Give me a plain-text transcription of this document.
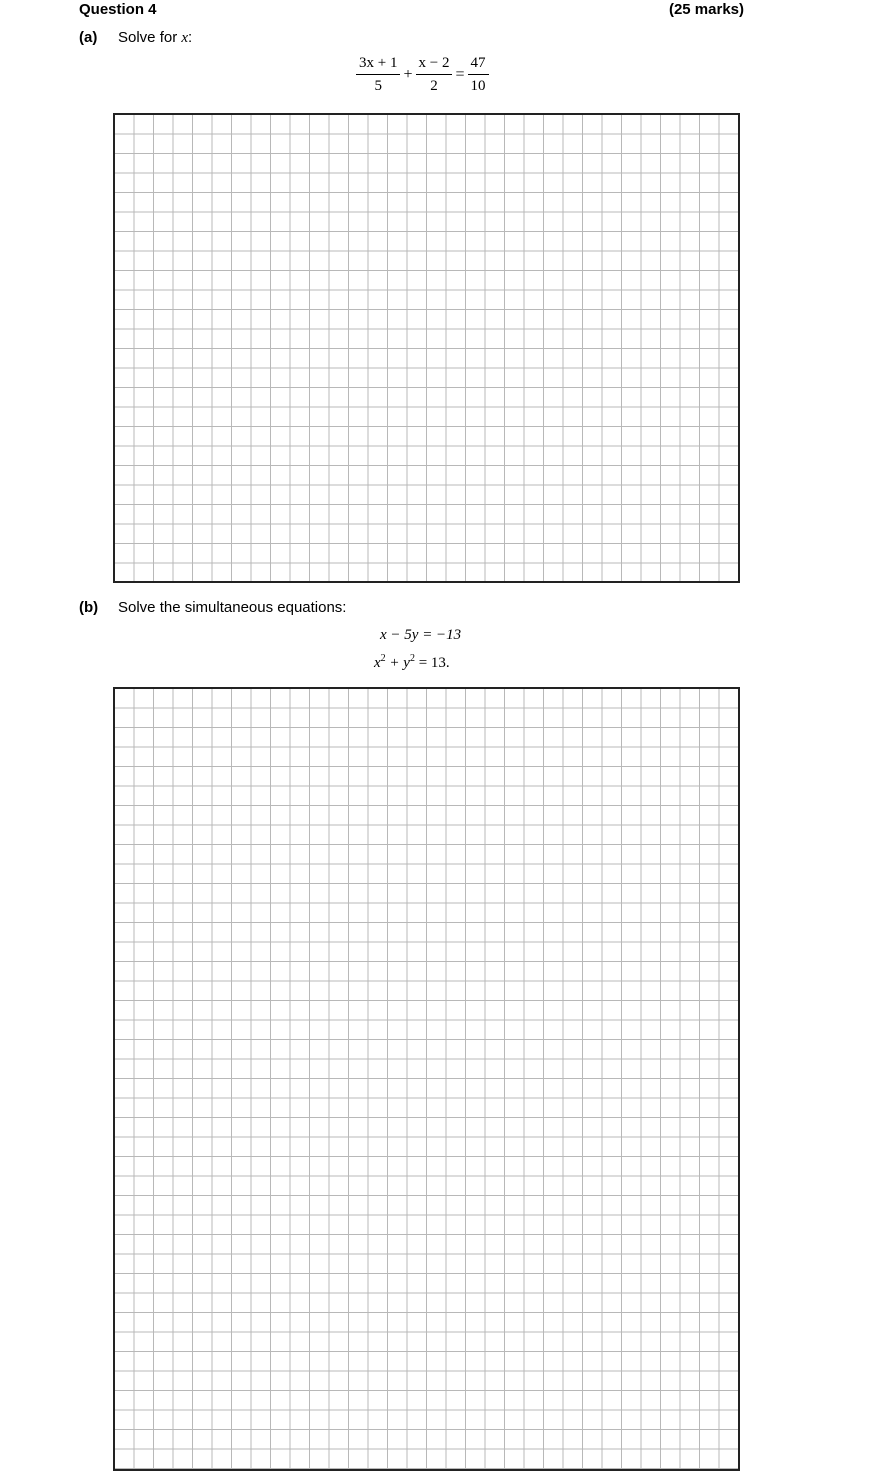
Question 4	(25 marks)
(a) Solve for x:
$\frac{3x + 1}{5} + \frac{x - 2}{2} = \frac{47}{10}$
(b) Solve the simultaneous equations:
x − 5y = −13
$x^2 + y^2 = 13$.
